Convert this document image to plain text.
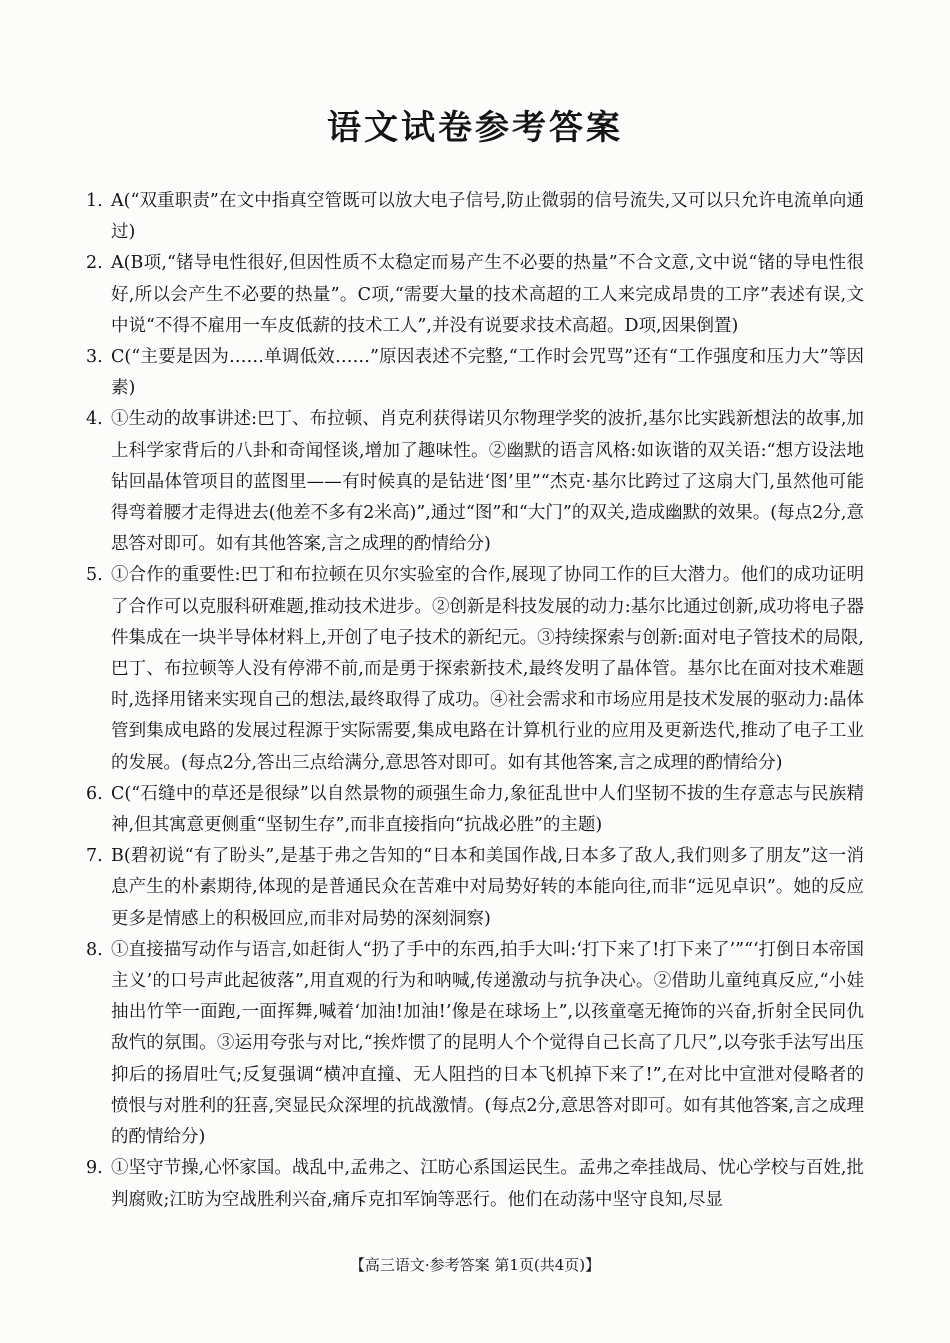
语文试卷参考答案
1. A(“双重职责”在文中指真空管既可以放大电子信号,防止微弱的信号流失,又可以只允许电流单向通过)
2. A(B项,“锗导电性很好,但因性质不太稳定而易产生不必要的热量”不合文意,文中说“锗的导电性很好,所以会产生不必要的热量”。C项,“需要大量的技术高超的工人来完成昂贵的工序”表述有误,文中说“不得不雇用一车皮低薪的技术工人”,并没有说要求技术高超。D项,因果倒置)
3. C(“主要是因为……单调低效……”原因表述不完整,“工作时会咒骂”还有“工作强度和压力大”等因素)
4. ①生动的故事讲述:巴丁、布拉顿、肖克利获得诺贝尔物理学奖的波折,基尔比实践新想法的故事,加上科学家背后的八卦和奇闻怪谈,增加了趣味性。②幽默的语言风格:如诙谐的双关语:“想方设法地钻回晶体管项目的蓝图里——有时候真的是钻进‘图’里”“杰克·基尔比跨过了这扇大门,虽然他可能得弯着腰才走得进去(他差不多有2米高)”,通过“图”和“大门”的双关,造成幽默的效果。(每点2分,意思答对即可。如有其他答案,言之成理的酌情给分)
5. ①合作的重要性:巴丁和布拉顿在贝尔实验室的合作,展现了协同工作的巨大潜力。他们的成功证明了合作可以克服科研难题,推动技术进步。②创新是科技发展的动力:基尔比通过创新,成功将电子器件集成在一块半导体材料上,开创了电子技术的新纪元。③持续探索与创新:面对电子管技术的局限,巴丁、布拉顿等人没有停滞不前,而是勇于探索新技术,最终发明了晶体管。基尔比在面对技术难题时,选择用锗来实现自己的想法,最终取得了成功。④社会需求和市场应用是技术发展的驱动力:晶体管到集成电路的发展过程源于实际需要,集成电路在计算机行业的应用及更新迭代,推动了电子工业的发展。(每点2分,答出三点给满分,意思答对即可。如有其他答案,言之成理的酌情给分)
6. C(“石缝中的草还是很绿”以自然景物的顽强生命力,象征乱世中人们坚韧不拔的生存意志与民族精神,但其寓意更侧重“坚韧生存”,而非直接指向“抗战必胜”的主题)
7. B(碧初说“有了盼头”,是基于弗之告知的“日本和美国作战,日本多了敌人,我们则多了朋友”这一消息产生的朴素期待,体现的是普通民众在苦难中对局势好转的本能向往,而非“远见卓识”。她的反应更多是情感上的积极回应,而非对局势的深刻洞察)
8. ①直接描写动作与语言,如赶街人“扔了手中的东西,拍手大叫:‘打下来了!打下来了’”“‘打倒日本帝国主义’的口号声此起彼落”,用直观的行为和呐喊,传递激动与抗争决心。②借助儿童纯真反应,“小娃抽出竹竿一面跑,一面挥舞,喊着‘加油!加油!’像是在球场上”,以孩童毫无掩饰的兴奋,折射全民同仇敌忾的氛围。③运用夸张与对比,“挨炸惯了的昆明人个个觉得自己长高了几尺”,以夸张手法写出压抑后的扬眉吐气;反复强调“横冲直撞、无人阻挡的日本飞机掉下来了!”,在对比中宣泄对侵略者的愤恨与对胜利的狂喜,突显民众深埋的抗战激情。(每点2分,意思答对即可。如有其他答案,言之成理的酌情给分)
9. ①坚守节操,心怀家国。战乱中,孟弗之、江昉心系国运民生。孟弗之牵挂战局、忧心学校与百姓,批判腐败;江昉为空战胜利兴奋,痛斥克扣军饷等恶行。他们在动荡中坚守良知,尽显
【高三语文·参考答案 第1页(共4页)】
